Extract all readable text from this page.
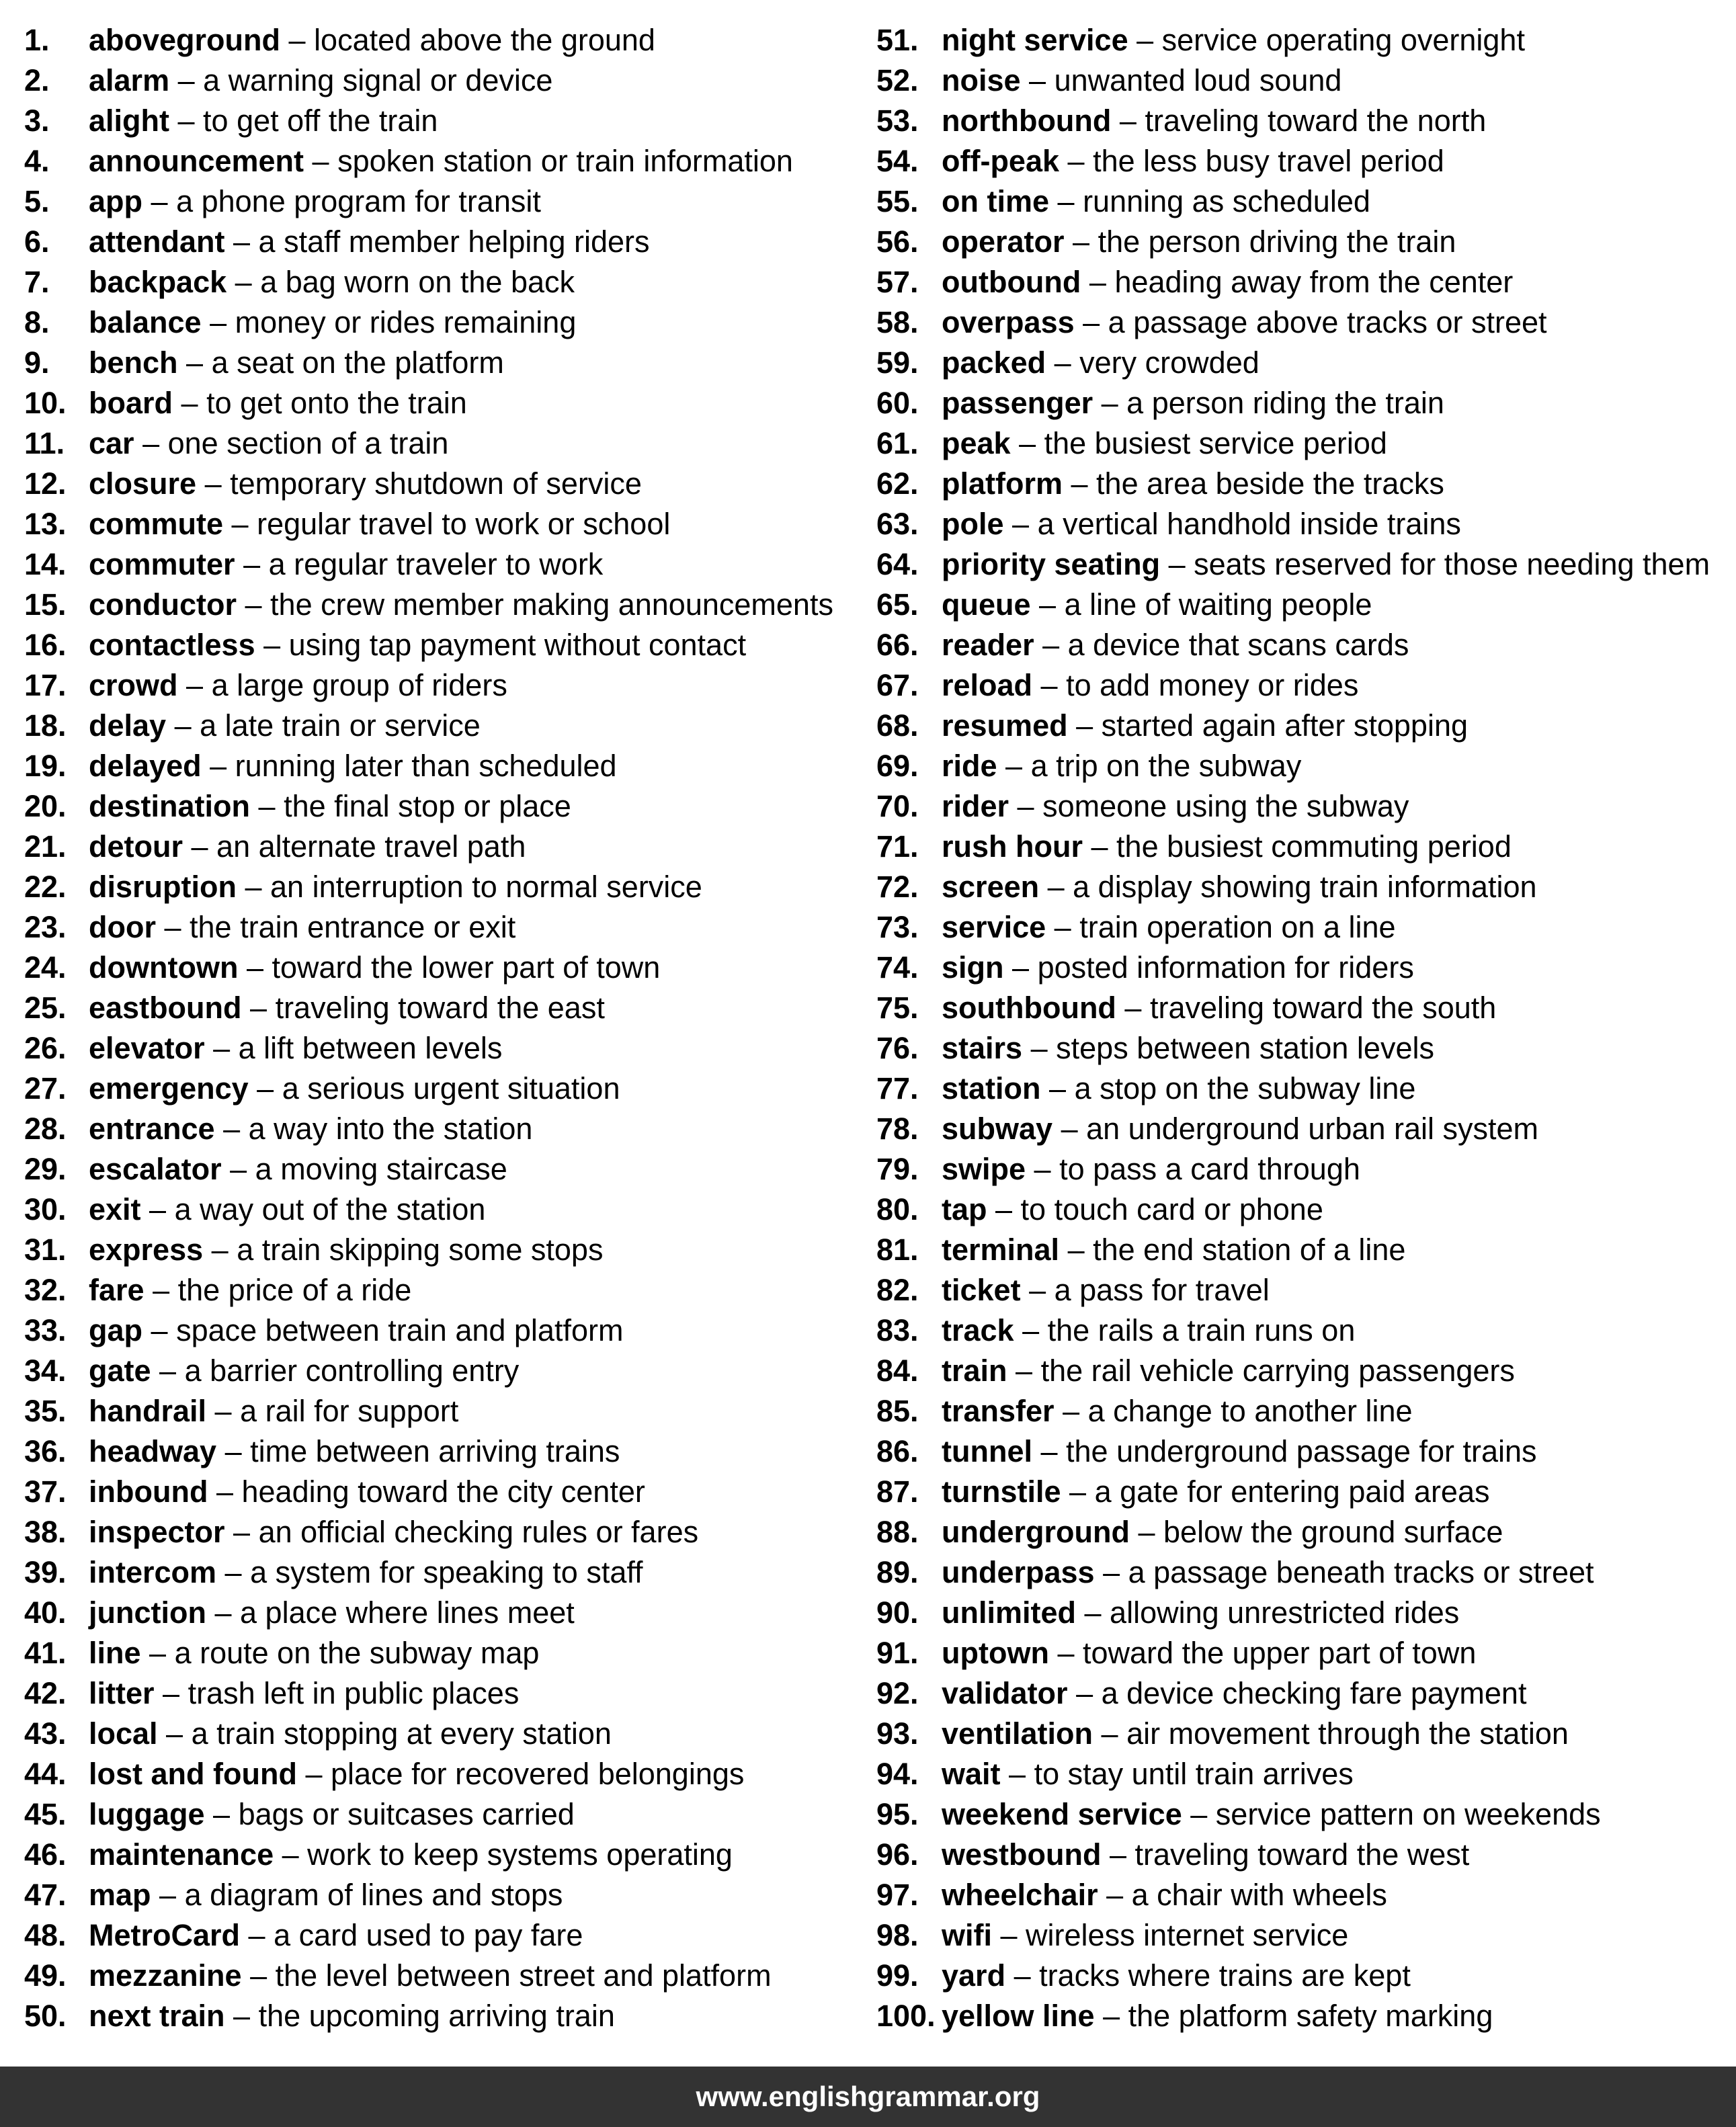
1. aboveground – located above the ground
2. alarm – a warning signal or device
3. alight – to get off the train
4. announcement – spoken station or train information
5. app – a phone program for transit
6. attendant – a staff member helping riders
7. backpack – a bag worn on the back
8. balance – money or rides remaining
9. bench – a seat on the platform
10. board – to get onto the train
11. car – one section of a train
12. closure – temporary shutdown of service
13. commute – regular travel to work or school
14. commuter – a regular traveler to work
15. conductor – the crew member making announcements
16. contactless – using tap payment without contact
17. crowd – a large group of riders
18. delay – a late train or service
19. delayed – running later than scheduled
20. destination – the final stop or place
21. detour – an alternate travel path
22. disruption – an interruption to normal service
23. door – the train entrance or exit
24. downtown – toward the lower part of town
25. eastbound – traveling toward the east
26. elevator – a lift between levels
27. emergency – a serious urgent situation
28. entrance – a way into the station
29. escalator – a moving staircase
30. exit – a way out of the station
31. express – a train skipping some stops
32. fare – the price of a ride
33. gap – space between train and platform
34. gate – a barrier controlling entry
35. handrail – a rail for support
36. headway – time between arriving trains
37. inbound – heading toward the city center
38. inspector – an official checking rules or fares
39. intercom – a system for speaking to staff
40. junction – a place where lines meet
41. line – a route on the subway map
42. litter – trash left in public places
43. local – a train stopping at every station
44. lost and found – place for recovered belongings
45. luggage – bags or suitcases carried
46. maintenance – work to keep systems operating
47. map – a diagram of lines and stops
48. MetroCard – a card used to pay fare
49. mezzanine – the level between street and platform
50. next train – the upcoming arriving train
51. night service – service operating overnight
52. noise – unwanted loud sound
53. northbound – traveling toward the north
54. off-peak – the less busy travel period
55. on time – running as scheduled
56. operator – the person driving the train
57. outbound – heading away from the center
58. overpass – a passage above tracks or street
59. packed – very crowded
60. passenger – a person riding the train
61. peak – the busiest service period
62. platform – the area beside the tracks
63. pole – a vertical handhold inside trains
64. priority seating – seats reserved for those needing them
65. queue – a line of waiting people
66. reader – a device that scans cards
67. reload – to add money or rides
68. resumed – started again after stopping
69. ride – a trip on the subway
70. rider – someone using the subway
71. rush hour – the busiest commuting period
72. screen – a display showing train information
73. service – train operation on a line
74. sign – posted information for riders
75. southbound – traveling toward the south
76. stairs – steps between station levels
77. station – a stop on the subway line
78. subway – an underground urban rail system
79. swipe – to pass a card through
80. tap – to touch card or phone
81. terminal – the end station of a line
82. ticket – a pass for travel
83. track – the rails a train runs on
84. train – the rail vehicle carrying passengers
85. transfer – a change to another line
86. tunnel – the underground passage for trains
87. turnstile – a gate for entering paid areas
88. underground – below the ground surface
89. underpass – a passage beneath tracks or street
90. unlimited – allowing unrestricted rides
91. uptown – toward the upper part of town
92. validator – a device checking fare payment
93. ventilation – air movement through the station
94. wait – to stay until train arrives
95. weekend service – service pattern on weekends
96. westbound – traveling toward the west
97. wheelchair – a chair with wheels
98. wifi – wireless internet service
99. yard – tracks where trains are kept
100. yellow line – the platform safety marking
www.englishgrammar.org
